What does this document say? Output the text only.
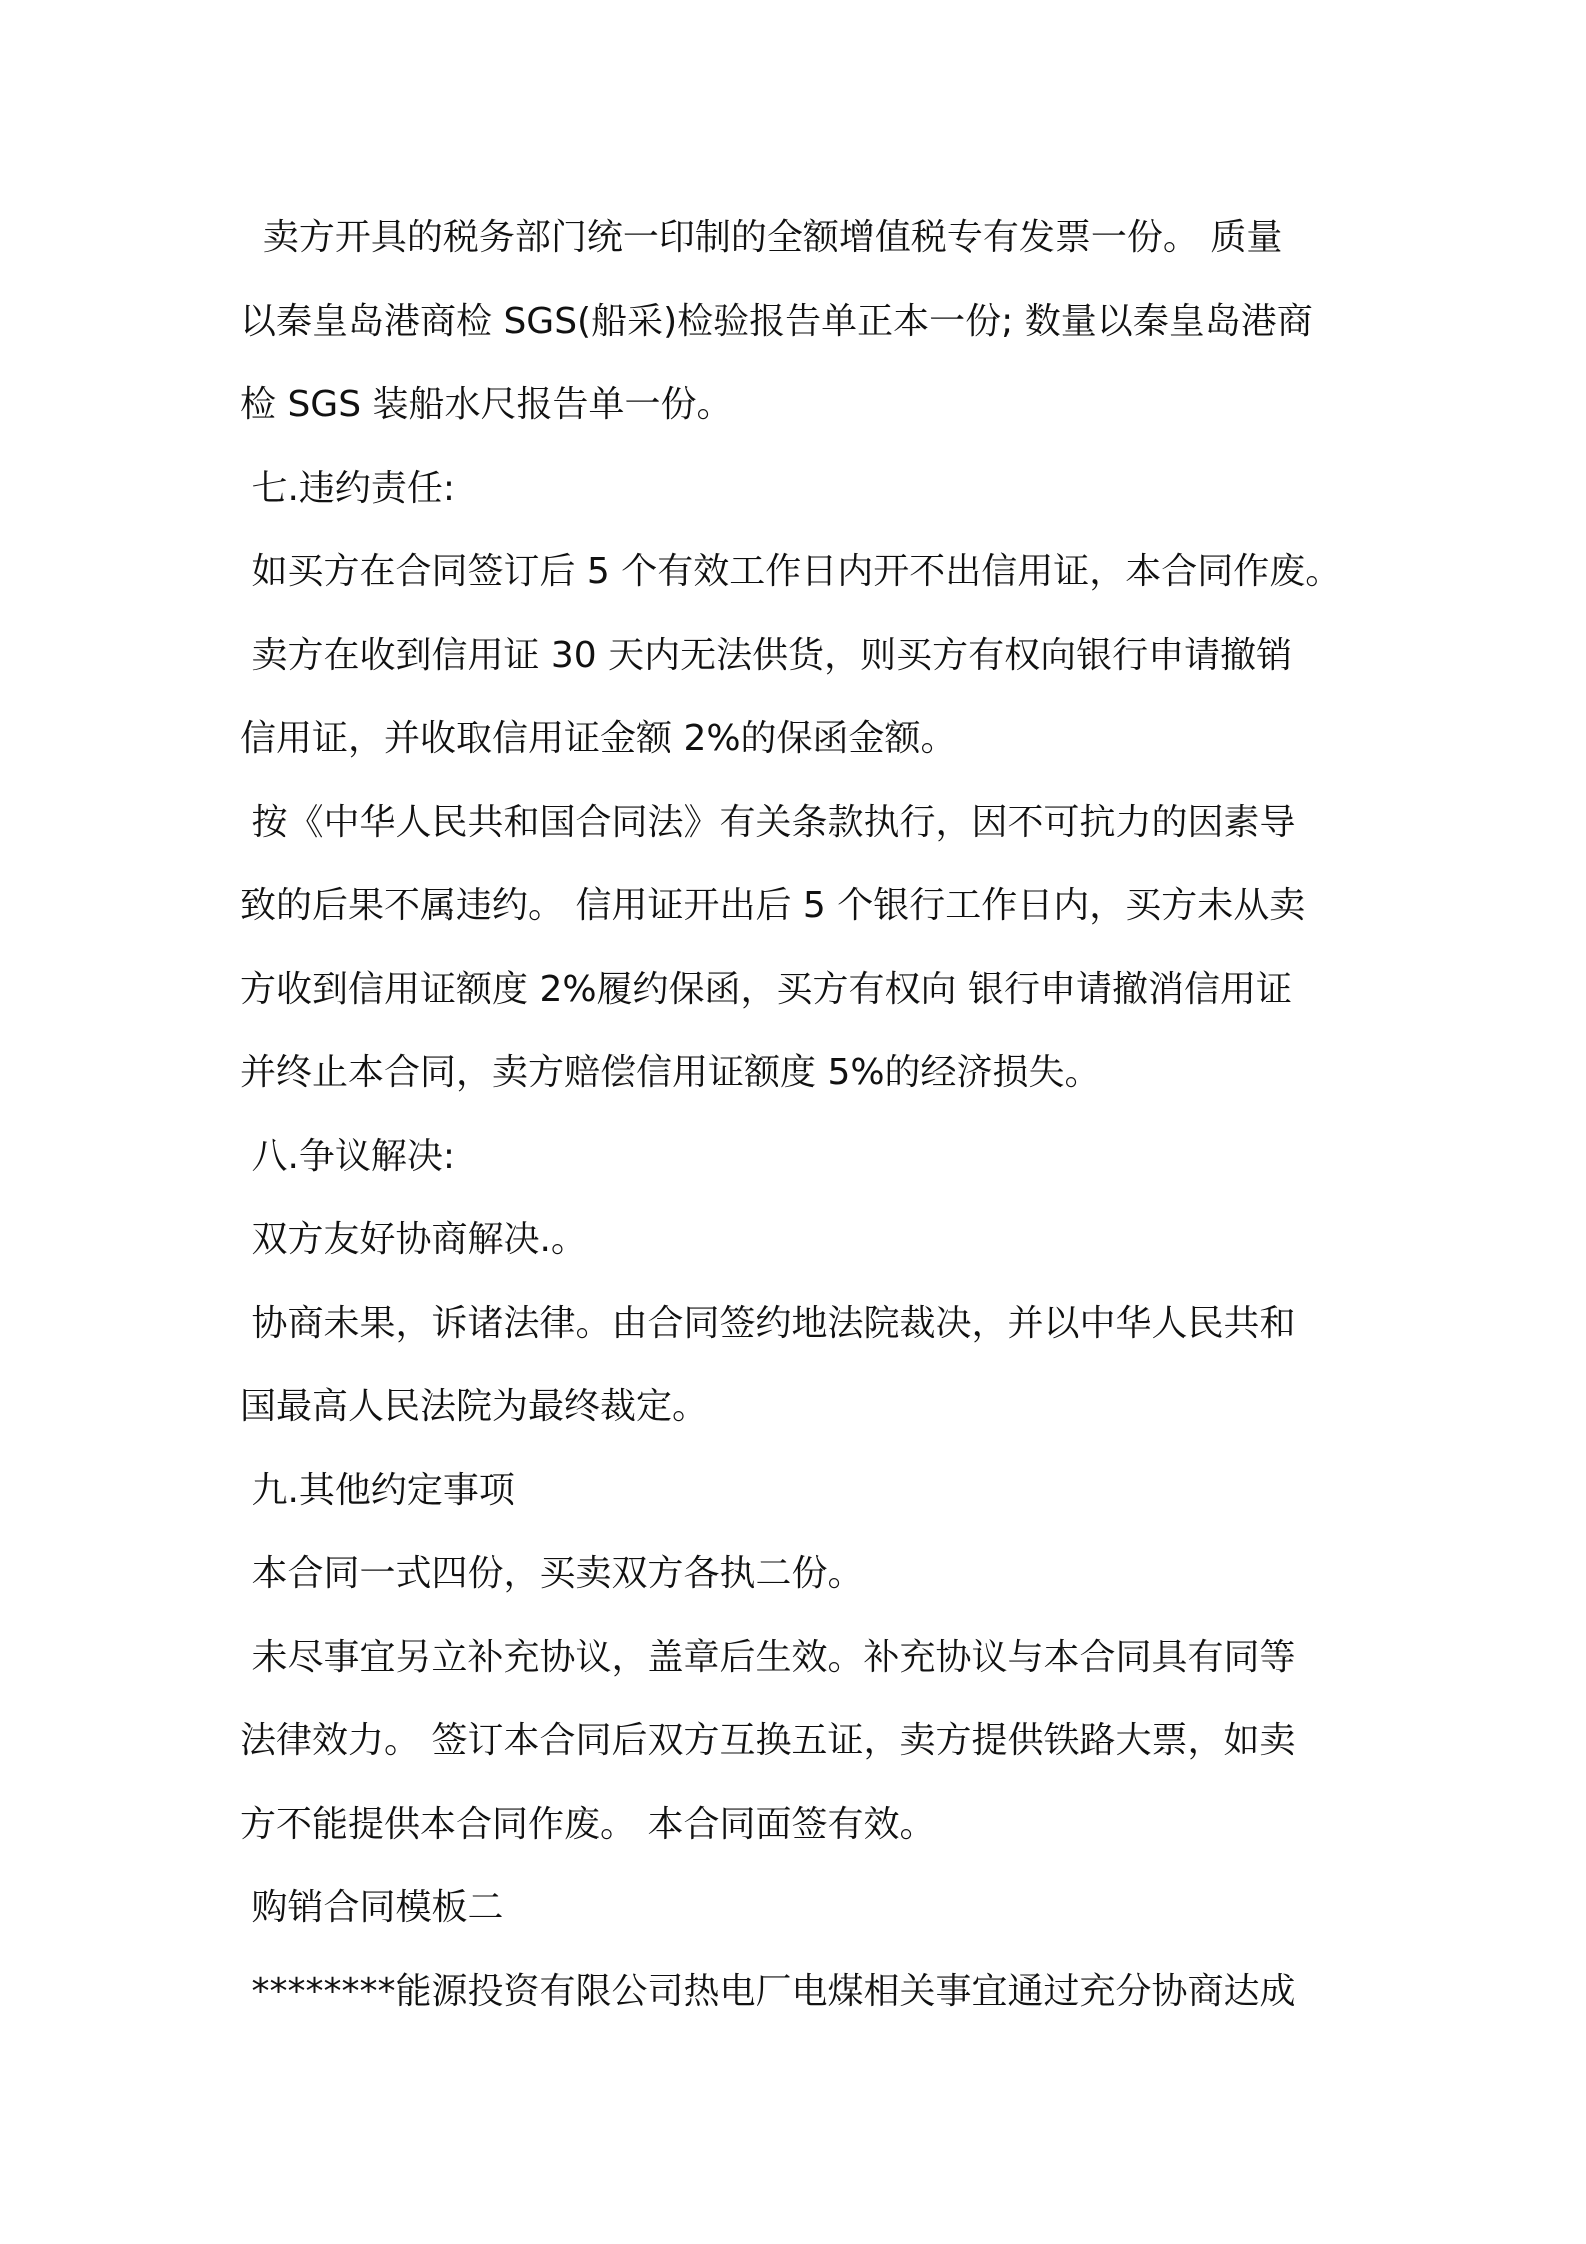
卖方开具的税务部门统一印制的全额增值税专有发票一份。 质量
以秦皇岛港商检 SGS(船采)检验报告单正本一份; 数量以秦皇岛港商
检 SGS 装船水尺报告单一份。
七.违约责任:
如买方在合同签订后 5 个有效工作日内开不出信用证，本合同作废。
卖方在收到信用证 30 天内无法供货，则买方有权向银行申请撤销
信用证，并收取信用证金额 2%的保函金额。
按《中华人民共和国合同法》有关条款执行，因不可抗力的因素导
致的后果不属违约。 信用证开出后 5 个银行工作日内，买方未从卖
方收到信用证额度 2%履约保函，买方有权向 银行申请撤消信用证
并终止本合同，卖方赔偿信用证额度 5%的经济损失。
八.争议解决:
双方友好协商解决.。
协商未果，诉诸法律。由合同签约地法院裁决，并以中华人民共和
国最高人民法院为最终裁定。
九.其他约定事项
本合同一式四份，买卖双方各执二份。
未尽事宜另立补充协议，盖章后生效。补充协议与本合同具有同等
法律效力。 签订本合同后双方互换五证，卖方提供铁路大票，如卖
方不能提供本合同作废。 本合同面签有效。
购销合同模板二
********能源投资有限公司热电厂电煤相关事宜通过充分协商达成
